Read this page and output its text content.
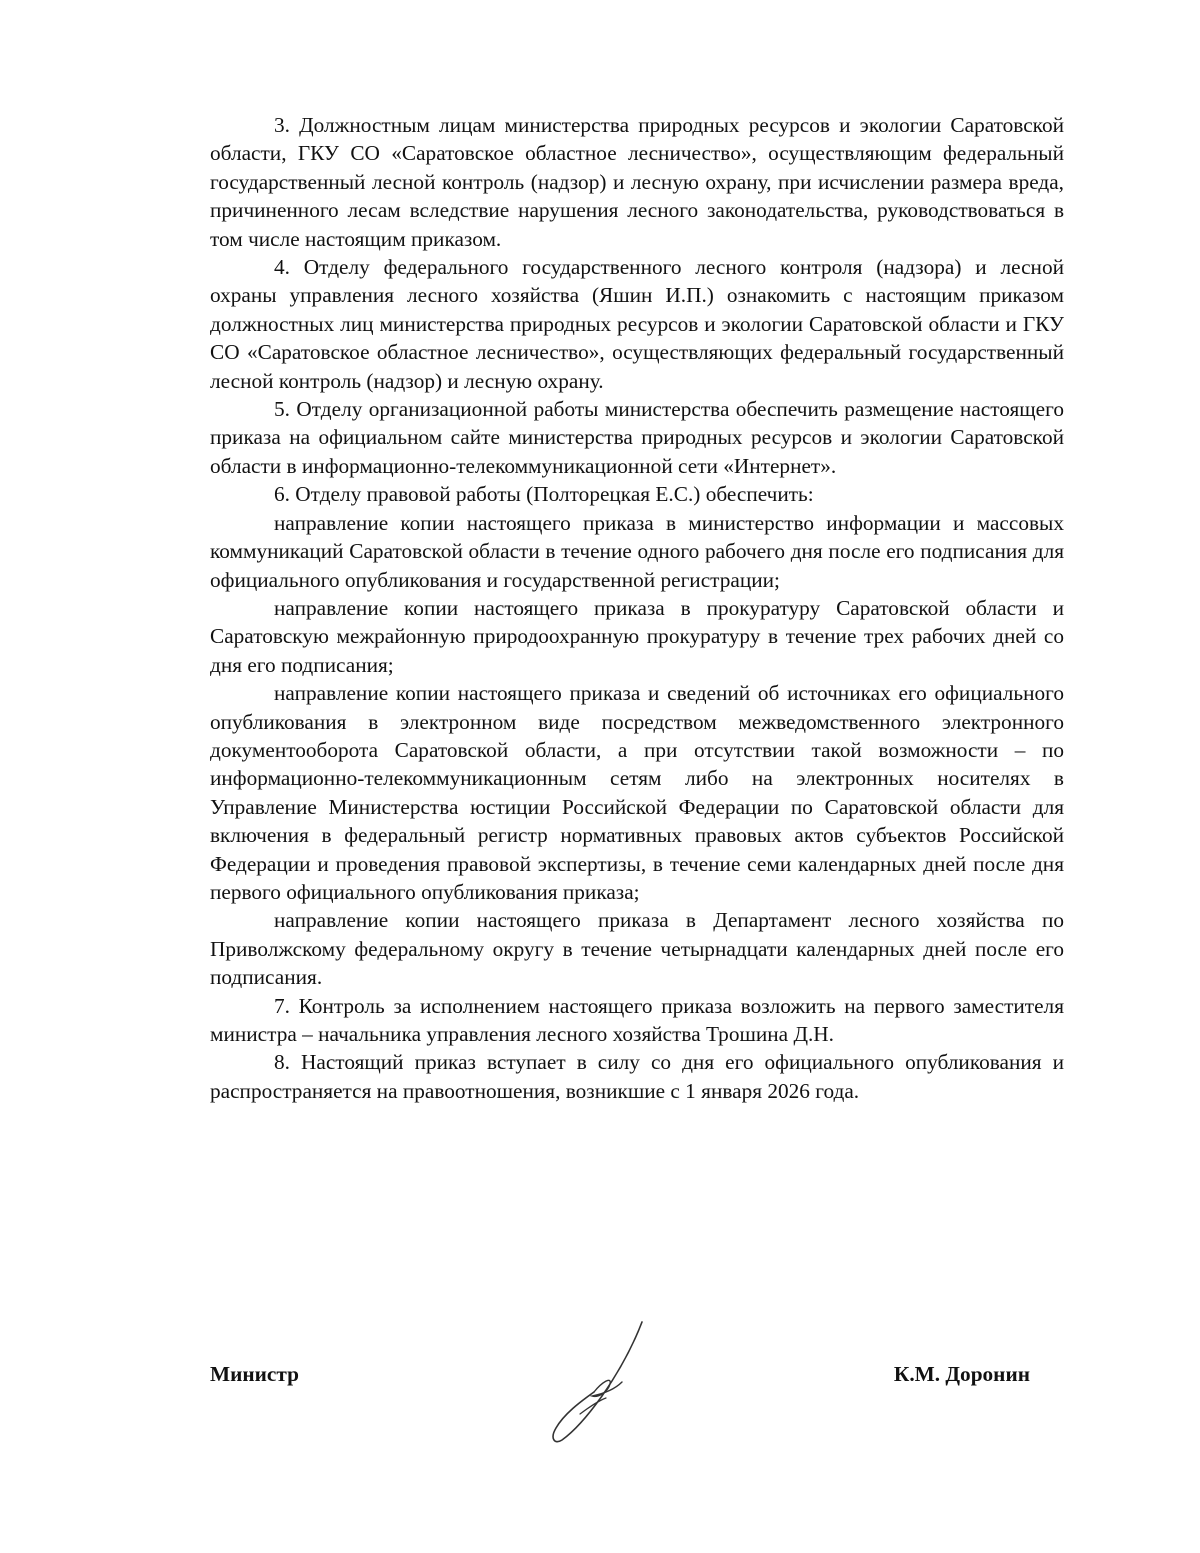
3. Должностным лицам министерства природных ресурсов и экологии Саратовской области, ГКУ СО «Саратовское областное лесничество», осуществляющим федеральный государственный лесной контроль (надзор) и лесную охрану, при исчислении размера вреда, причиненного лесам вследствие нарушения лесного законодательства, руководствоваться в том числе настоящим приказом.

4. Отделу федерального государственного лесного контроля (надзора) и лесной охраны управления лесного хозяйства (Яшин И.П.) ознакомить с настоящим приказом должностных лиц министерства природных ресурсов и экологии Саратовской области и ГКУ СО «Саратовское областное лесничество», осуществляющих федеральный государственный лесной контроль (надзор) и лесную охрану.

5. Отделу организационной работы министерства обеспечить размещение настоящего приказа на официальном сайте министерства природных ресурсов и экологии Саратовской области в информационно-телекоммуникационной сети «Интернет».

6. Отделу правовой работы (Полторецкая Е.С.) обеспечить:

направление копии настоящего приказа в министерство информации и массовых коммуникаций Саратовской области в течение одного рабочего дня после его подписания для официального опубликования и государственной регистрации;

направление копии настоящего приказа в прокуратуру Саратовской области и Саратовскую межрайонную природоохранную прокуратуру в течение трех рабочих дней со дня его подписания;

направление копии настоящего приказа и сведений об источниках его официального опубликования в электронном виде посредством межведомственного электронного документооборота Саратовской области, а при отсутствии такой возможности – по информационно-телекоммуникационным сетям либо на электронных носителях в Управление Министерства юстиции Российской Федерации по Саратовской области для включения в федеральный регистр нормативных правовых актов субъектов Российской Федерации и проведения правовой экспертизы, в течение семи календарных дней после дня первого официального опубликования приказа;

направление копии настоящего приказа в Департамент лесного хозяйства по Приволжскому федеральному округу в течение четырнадцати календарных дней после его подписания.

7. Контроль за исполнением настоящего приказа возложить на первого заместителя министра – начальника управления лесного хозяйства Трошина Д.Н.

8. Настоящий приказ вступает в силу со дня его официального опубликования и распространяется на правоотношения, возникшие с 1 января 2026 года.

Министр	К.М. Доронин
